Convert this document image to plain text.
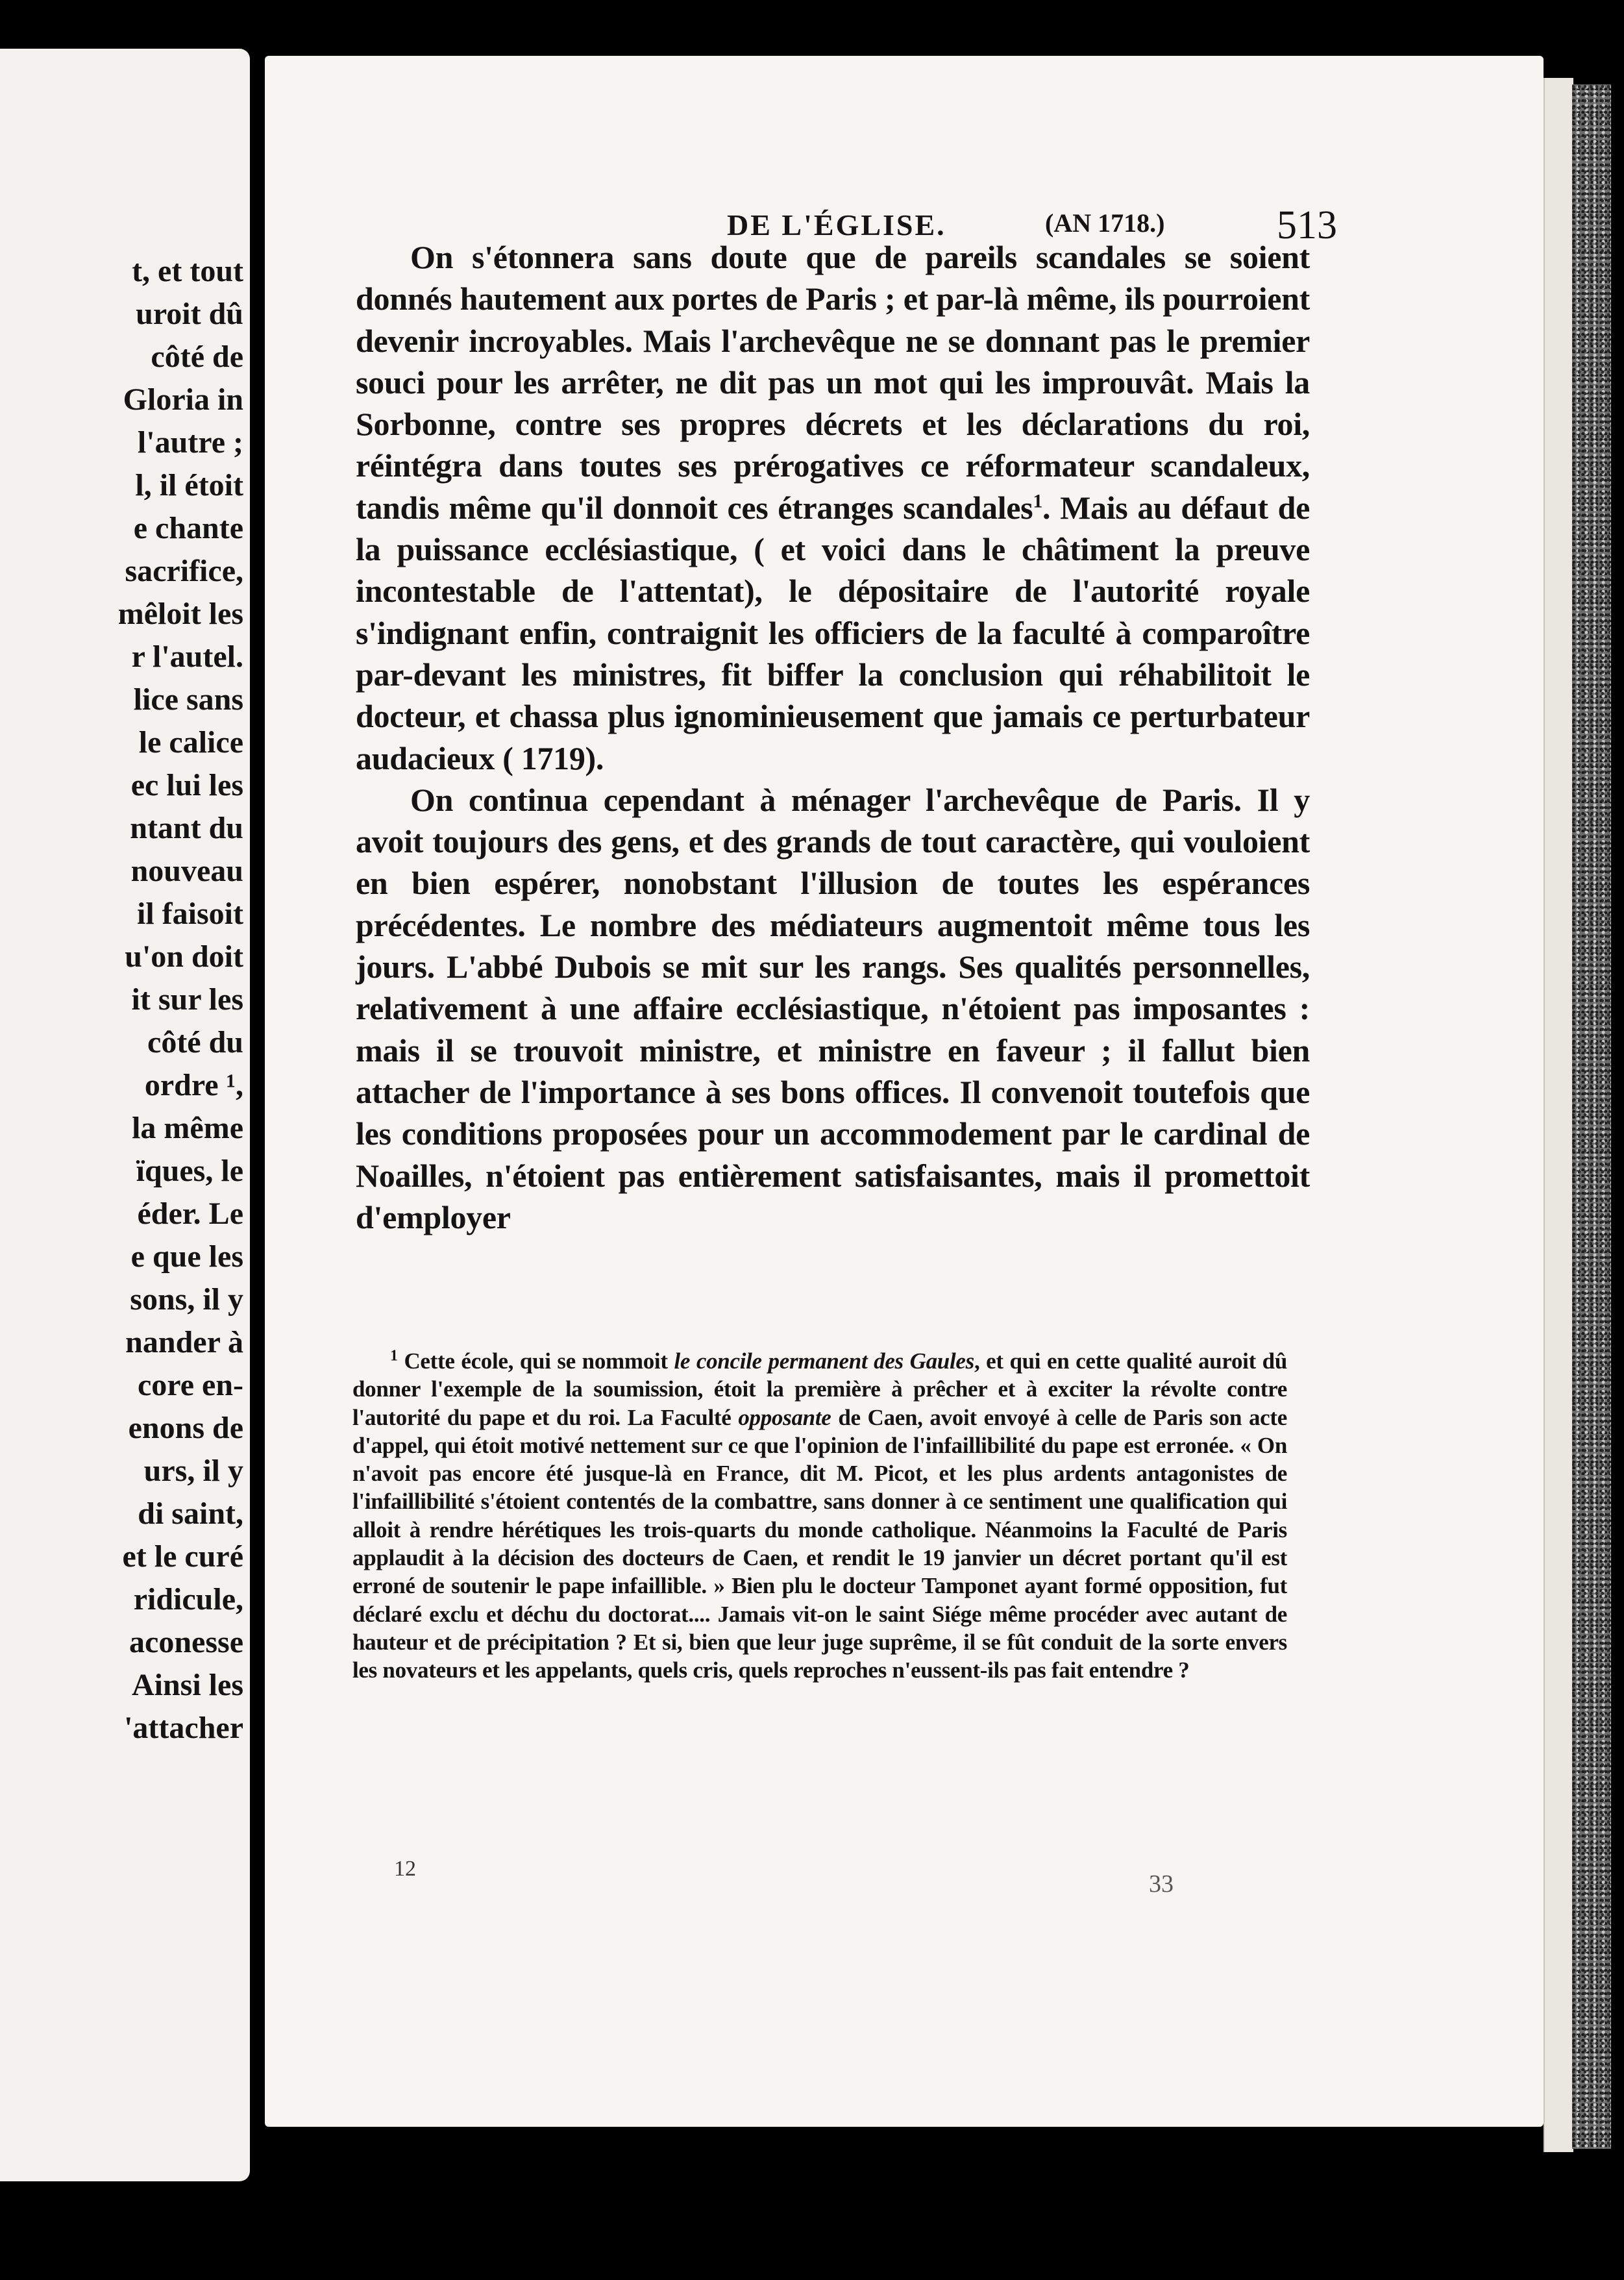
t, et tout
uroit dû
côté de
Gloria in
l'autre ;
l, il étoit
e chante
sacrifice,
mêloit les
r l'autel.
lice sans
le calice
ec lui les
ntant du
nouveau
il faisoit
u'on doit
it sur les
côté du
ordre ¹,
la même
ïques, le
éder. Le
e que les
sons, il y
nander à
core en-
enons de
urs, il y
di saint,
et le curé
ridicule,
aconesse
Ainsi les
'attacher
DE L'ÉGLISE.	(AN 1718.)	513

On s'étonnera sans doute que de pareils scandales se soient donnés hautement aux portes de Paris ; et par-là même, ils pourroient devenir incroyables. Mais l'archevêque ne se donnant pas le premier souci pour les arrêter, ne dit pas un mot qui les improuvât. Mais la Sorbonne, contre ses propres décrets et les déclarations du roi, réintégra dans toutes ses prérogatives ce réformateur scandaleux, tandis même qu'il donnoit ces étranges scandales$^1$. Mais au défaut de la puissance ecclésiastique, ( et voici dans le châtiment la preuve incontestable de l'attentat), le dépositaire de l'autorité royale s'indignant enfin, contraignit les officiers de la faculté à comparoître par-devant les ministres, fit biffer la conclusion qui réhabilitoit le docteur, et chassa plus ignominieusement que jamais ce perturbateur audacieux ( 1719).

On continua cependant à ménager l'archevêque de Paris. Il y avoit toujours des gens, et des grands de tout caractère, qui vouloient en bien espérer, nonobstant l'illusion de toutes les espérances précédentes. Le nombre des médiateurs augmentoit même tous les jours. L'abbé Dubois se mit sur les rangs. Ses qualités personnelles, relativement à une affaire ecclésiastique, n'étoient pas imposantes : mais il se trouvoit ministre, et ministre en faveur ; il fallut bien attacher de l'importance à ses bons offices. Il convenoit toutefois que les conditions proposées pour un accommodement par le cardinal de Noailles, n'étoient pas entièrement satisfaisantes, mais il promettoit d'employer

$^1$ Cette école, qui se nommoit le concile permanent des Gaules, et qui en cette qualité auroit dû donner l'exemple de la soumission, étoit la première à prêcher et à exciter la révolte contre l'autorité du pape et du roi. La Faculté opposante de Caen, avoit envoyé à celle de Paris son acte d'appel, qui étoit motivé nettement sur ce que l'opinion de l'infaillibilité du pape est erronée. « On n'avoit pas encore été jusque-là en France, dit M. Picot, et les plus ardents antagonistes de l'infaillibilité s'étoient contentés de la combattre, sans donner à ce sentiment une qualification qui alloit à rendre hérétiques les trois-quarts du monde catholique. Néanmoins la Faculté de Paris applaudit à la décision des docteurs de Caen, et rendit le 19 janvier un décret portant qu'il est erroné de soutenir le pape infaillible. » Bien plu le docteur Tamponet ayant formé opposition, fut déclaré exclu et déchu du doctorat.... Jamais vit-on le saint Siége même procéder avec autant de hauteur et de précipitation ? Et si, bien que leur juge suprême, il se fût conduit de la sorte envers les novateurs et les appelants, quels cris, quels reproches n'eussent-ils pas fait entendre ?

12
33
